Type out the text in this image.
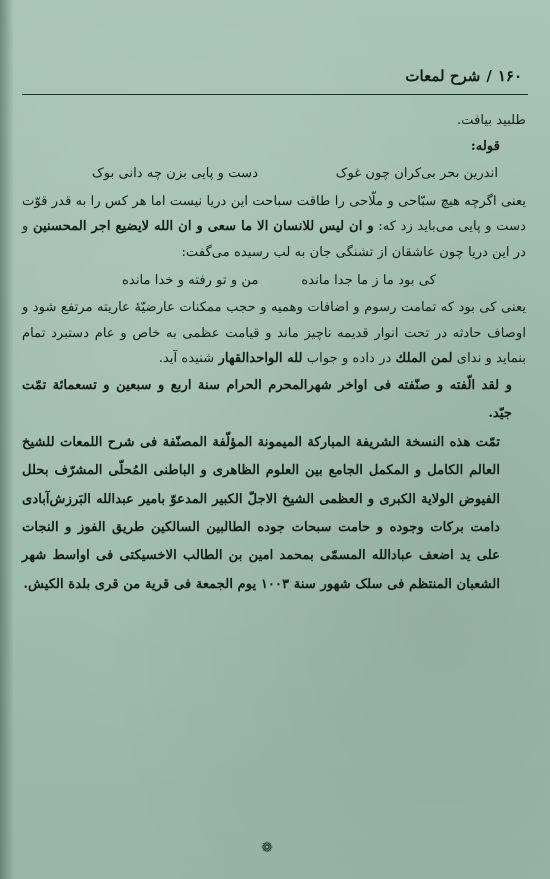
۱۶۰
/
شرح لمعات

طلبید بیافت.

قوله:

اندرین بحر بی‌کران چون غوک
دست و پایی بزن چه دانی بوک

یعنی اگرچه هیچ سبّاحی و ملّاحی را طاقت سباحت این دریا نیست اما هر کس را به قدر قوّت دست و پایی می‌باید زد که: و ان لیس للانسان الا ما سعی و ان الله لایضیع اجر المحسنین و در این دریا چون عاشقان از تشنگی جان به لب رسیده می‌گفت:

کی بود ما ز ما جدا مانده
من و تو رفته و خدا مانده

یعنی کی بود که تمامت رسوم و اضافات وهمیه و حجب ممکنات عارضیّهٔ عاریته مرتفع شود و اوصاف حادثه در تحت انوار قدیمه ناچیز ماند و قیامت عظمی به خاص و عام دستبرد تمام بنماید و ندای لمن الملك در داده و جواب لله الواحدالقهار شنیده آید.

و لقد الّفته و صنّفته فی اواخر شهرالمحرم الحرام سنة اربع و سبعین و تسعمائة تمّت جیّد.

تمّت هذه النسخة الشریفة المبارکة المیمونة المؤلّفة المصنّفة فی شرح اللمعات للشیخ العالم الکامل و المکمل الجامع بین العلوم الظاهری و الباطنی المُحلّی المشرّف بحلل الفیوض الولایة الکبری و العظمی الشیخ الاجلّ الکبیر المدعوّ بامیر عبدالله البَرزش‌آبادی دامت برکات وجوده و حامت سبحات جوده الطالبین السالکین طریق الفوز و النجات علی ید اضعف عباد‌الله المسمّی بمحمد امین بن الطالب الاخسیکتی فی اواسط شهر الشعبان المنتظم فی سلک شهور سنة ۱۰۰۳ یوم الجمعة فی قریة من قری بلدة الکیش.

❁
